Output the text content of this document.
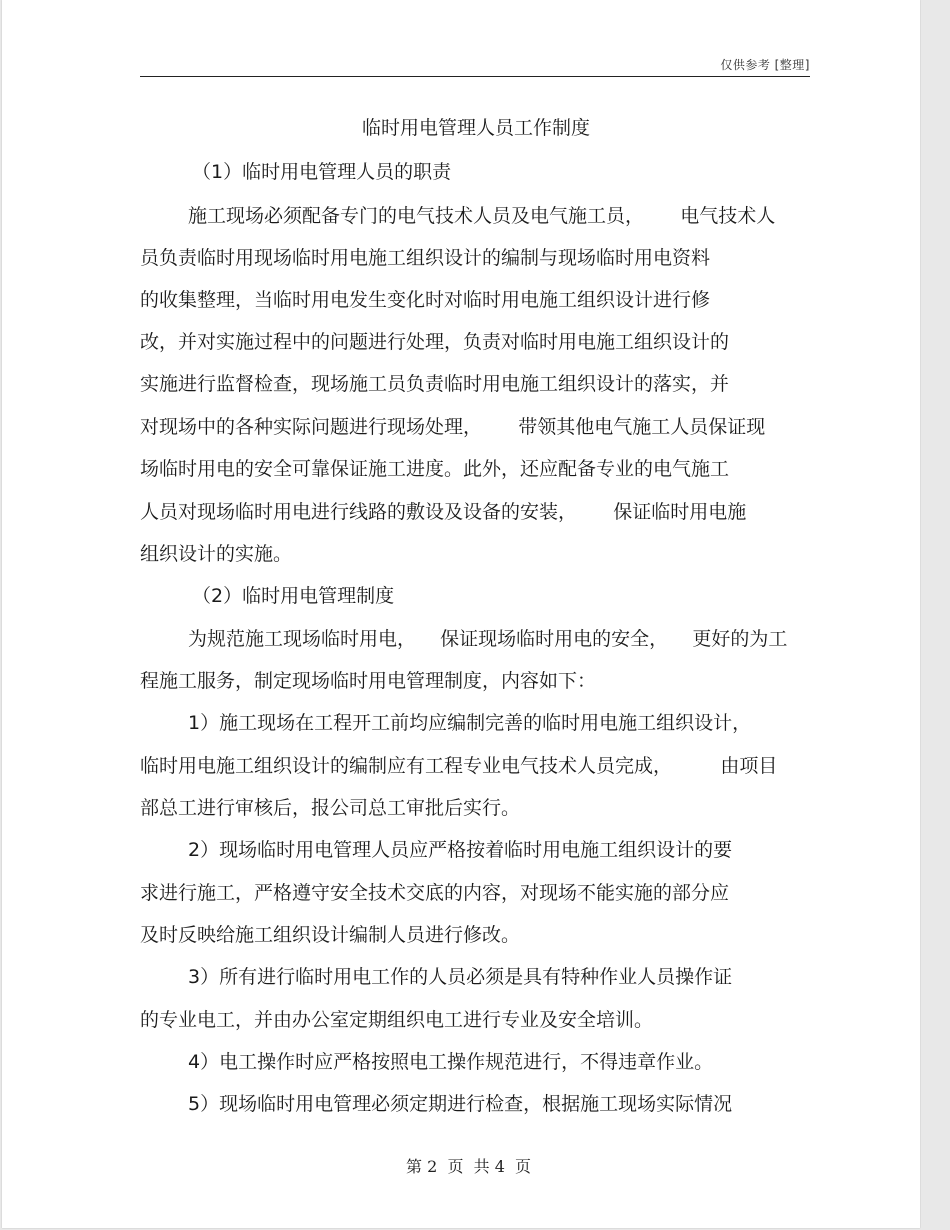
仅供参考 [整理]
临时用电管理人员工作制度
（1）临时用电管理人员的职责
施工现场必须配备专门的电气技术人员及电气施工员，      电气技术人
员负责临时用现场临时用电施工组织设计的编制与现场临时用电资料
的收集整理，当临时用电发生变化时对临时用电施工组织设计进行修
改，并对实施过程中的问题进行处理，负责对临时用电施工组织设计的
实施进行监督检查，现场施工员负责临时用电施工组织设计的落实，并
对现场中的各种实际问题进行现场处理，      带领其他电气施工人员保证现
场临时用电的安全可靠保证施工进度。此外，还应配备专业的电气施工
人员对现场临时用电进行线路的敷设及设备的安装，      保证临时用电施
组织设计的实施。
（2）临时用电管理制度
为规范施工现场临时用电，    保证现场临时用电的安全，    更好的为工
程施工服务，制定现场临时用电管理制度，内容如下：
1）施工现场在工程开工前均应编制完善的临时用电施工组织设计，
临时用电施工组织设计的编制应有工程专业电气技术人员完成，        由项目
部总工进行审核后，报公司总工审批后实行。
2）现场临时用电管理人员应严格按着临时用电施工组织设计的要
求进行施工，严格遵守安全技术交底的内容，对现场不能实施的部分应
及时反映给施工组织设计编制人员进行修改。
3）所有进行临时用电工作的人员必须是具有特种作业人员操作证
的专业电工，并由办公室定期组织电工进行专业及安全培训。
4）电工操作时应严格按照电工操作规范进行，不得违章作业。
5）现场临时用电管理必须定期进行检查，根据施工现场实际情况
第 2  页  共 4  页
